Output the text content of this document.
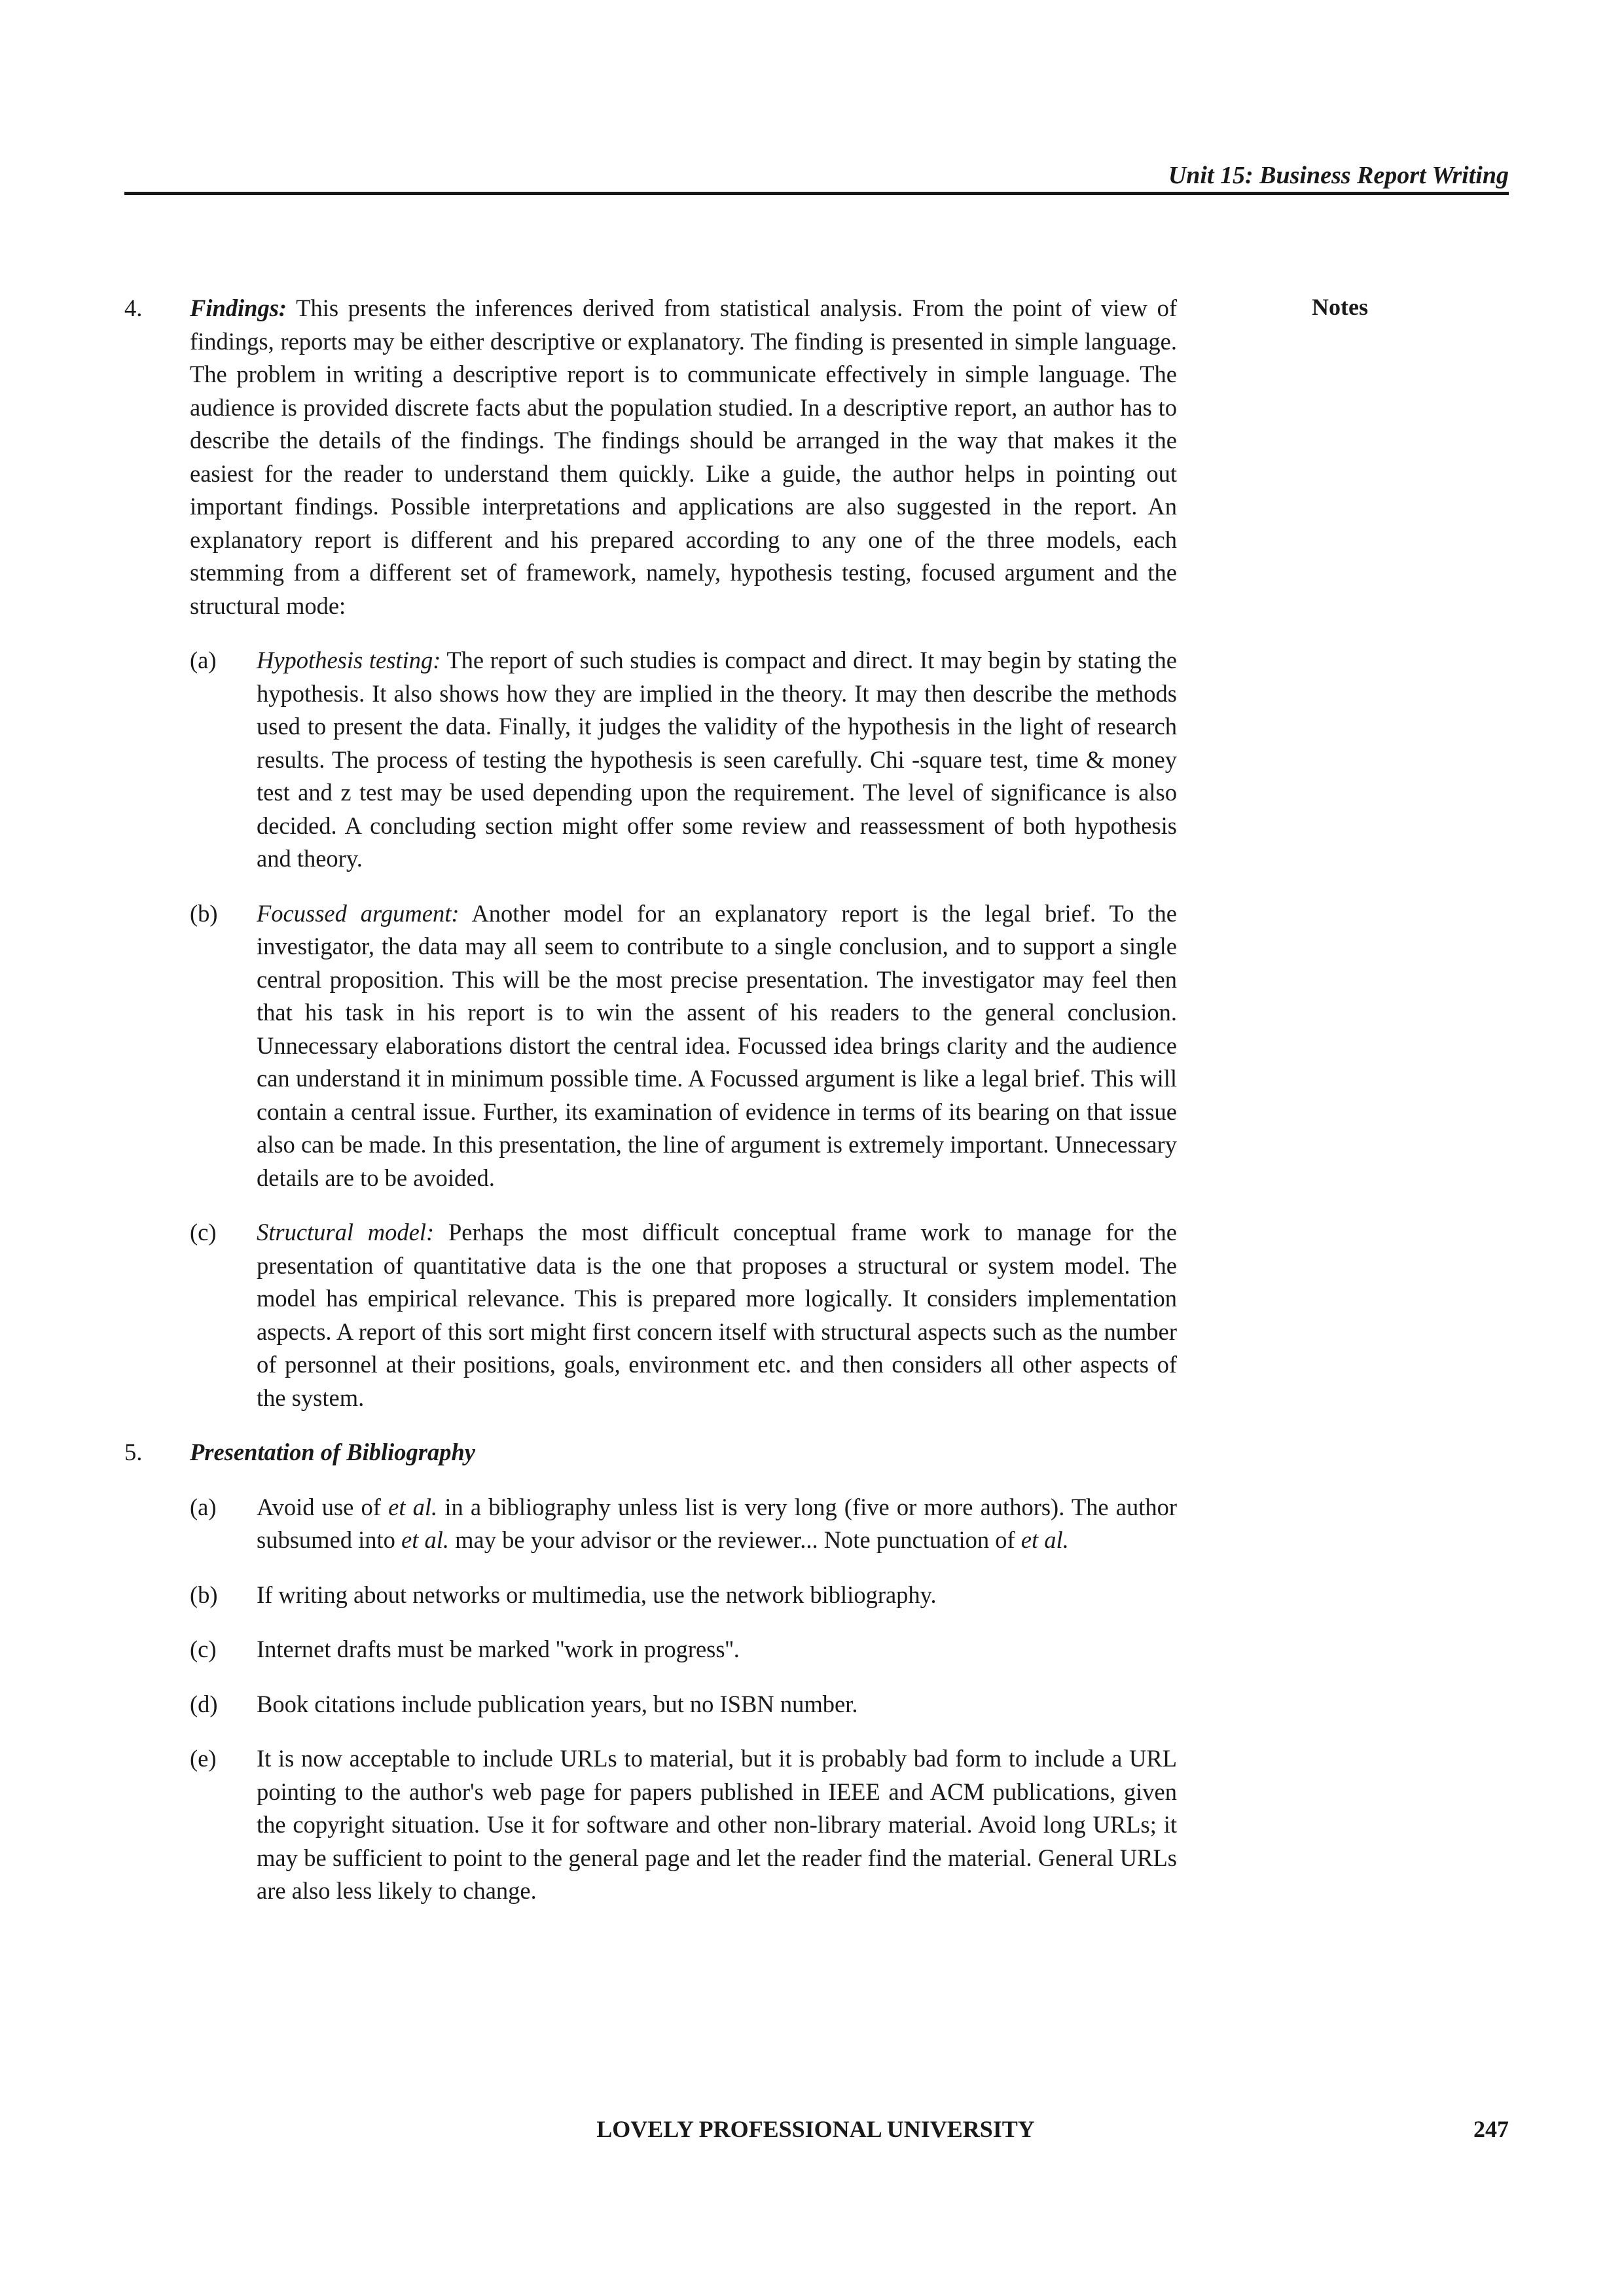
Unit 15: Business Report Writing
Notes
4. Findings: This presents the inferences derived from statistical analysis. From the point of view of findings, reports may be either descriptive or explanatory. The finding is presented in simple language. The problem in writing a descriptive report is to communicate effectively in simple language. The audience is provided discrete facts abut the population studied. In a descriptive report, an author has to describe the details of the findings. The findings should be arranged in the way that makes it the easiest for the reader to understand them quickly. Like a guide, the author helps in pointing out important findings. Possible interpretations and applications are also suggested in the report. An explanatory report is different and his prepared according to any one of the three models, each stemming from a different set of framework, namely, hypothesis testing, focused argument and the structural mode:

(a) Hypothesis testing: The report of such studies is compact and direct. It may begin by stating the hypothesis. It also shows how they are implied in the theory. It may then describe the methods used to present the data. Finally, it judges the validity of the hypothesis in the light of research results. The process of testing the hypothesis is seen carefully. Chi -square test, time & money test and z test may be used depending upon the requirement. The level of significance is also decided. A concluding section might offer some review and reassessment of both hypothesis and theory.

(b) Focussed argument: Another model for an explanatory report is the legal brief. To the investigator, the data may all seem to contribute to a single conclusion, and to support a single central proposition. This will be the most precise presentation. The investigator may feel then that his task in his report is to win the assent of his readers to the general conclusion. Unnecessary elaborations distort the central idea. Focussed idea brings clarity and the audience can understand it in minimum possible time. A Focussed argument is like a legal brief. This will contain a central issue. Further, its examination of evidence in terms of its bearing on that issue also can be made. In this presentation, the line of argument is extremely important. Unnecessary details are to be avoided.

(c) Structural model: Perhaps the most difficult conceptual frame work to manage for the presentation of quantitative data is the one that proposes a structural or system model. The model has empirical relevance. This is prepared more logically. It considers implementation aspects. A report of this sort might first concern itself with structural aspects such as the number of personnel at their positions, goals, environment etc. and then considers all other aspects of the system.

5. Presentation of Bibliography

(a) Avoid use of et al. in a bibliography unless list is very long (five or more authors). The author subsumed into et al. may be your advisor or the reviewer... Note punctuation of et al.

(b) If writing about networks or multimedia, use the network bibliography.

(c) Internet drafts must be marked ''work in progress''.

(d) Book citations include publication years, but no ISBN number.

(e) It is now acceptable to include URLs to material, but it is probably bad form to include a URL pointing to the author's web page for papers published in IEEE and ACM publications, given the copyright situation. Use it for software and other non-library material. Avoid long URLs; it may be sufficient to point to the general page and let the reader find the material. General URLs are also less likely to change.

LOVELY PROFESSIONAL UNIVERSITY	247
